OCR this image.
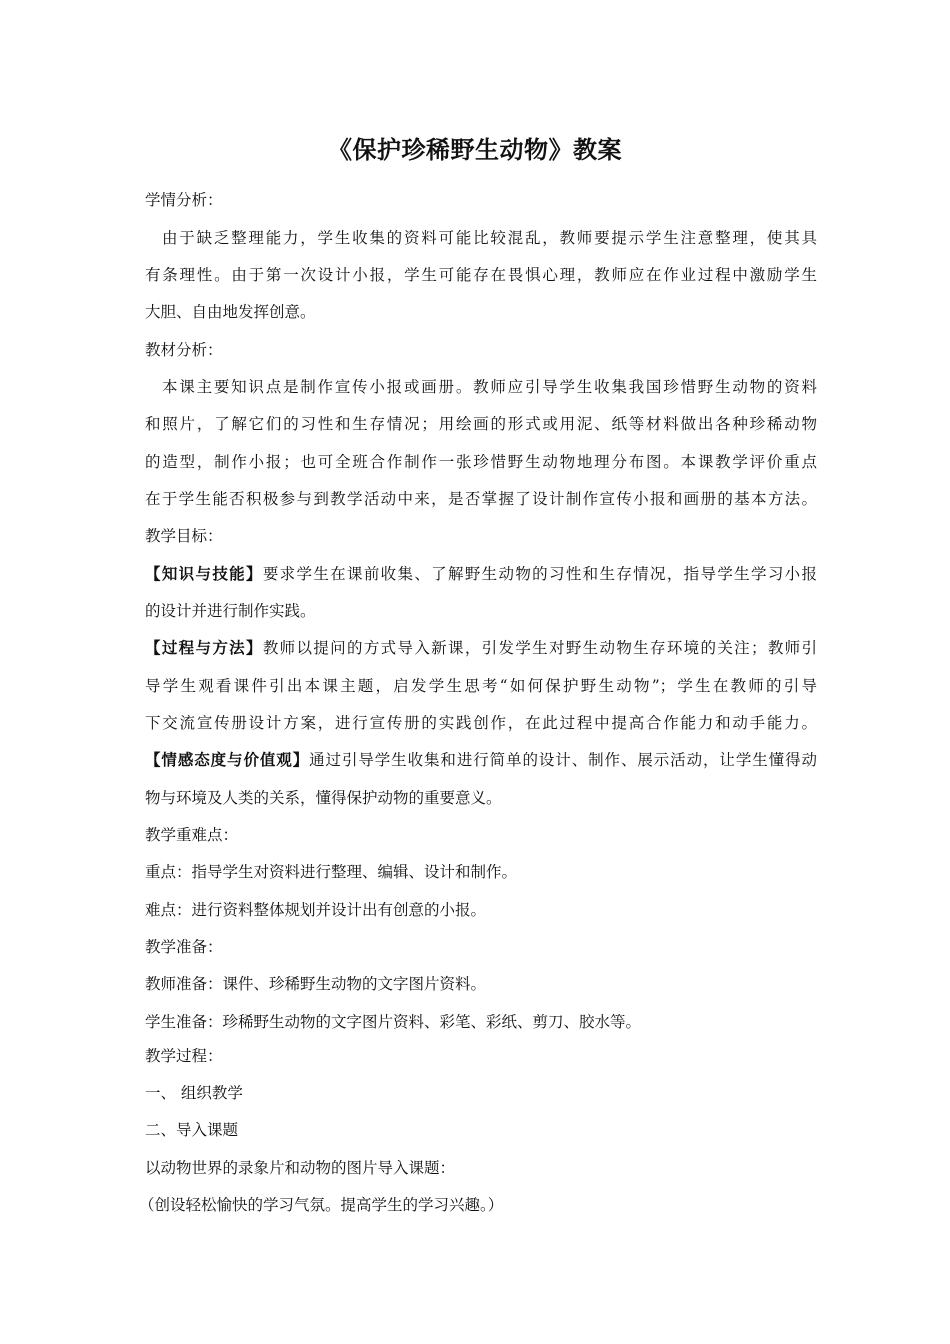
《保护珍稀野生动物》教案

学情分析：

由于缺乏整理能力，学生收集的资料可能比较混乱，教师要提示学生注意整理，使其具

有条理性。由于第一次设计小报，学生可能存在畏惧心理，教师应在作业过程中激励学生

大胆、自由地发挥创意。

教材分析：

本课主要知识点是制作宣传小报或画册。教师应引导学生收集我国珍惜野生动物的资料

和照片，了解它们的习性和生存情况；用绘画的形式或用泥、纸等材料做出各种珍稀动物

的造型，制作小报；也可全班合作制作一张珍惜野生动物地理分布图。本课教学评价重点

在于学生能否积极参与到教学活动中来，是否掌握了设计制作宣传小报和画册的基本方法。

教学目标：

【知识与技能】要求学生在课前收集、了解野生动物的习性和生存情况，指导学生学习小报

的设计并进行制作实践。

【过程与方法】教师以提问的方式导入新课，引发学生对野生动物生存环境的关注；教师引

导学生观看课件引出本课主题，启发学生思考“如何保护野生动物”；学生在教师的引导

下交流宣传册设计方案，进行宣传册的实践创作，在此过程中提高合作能力和动手能力。

【情感态度与价值观】通过引导学生收集和进行简单的设计、制作、展示活动，让学生懂得动

物与环境及人类的关系，懂得保护动物的重要意义。

教学重难点：

重点：指导学生对资料进行整理、编辑、设计和制作。

难点：进行资料整体规划并设计出有创意的小报。

教学准备：

教师准备：课件、珍稀野生动物的文字图片资料。

学生准备：珍稀野生动物的文字图片资料、彩笔、彩纸、剪刀、胶水等。

教学过程：

一、 组织教学

二、导入课题

以动物世界的录象片和动物的图片导入课题：

（创设轻松愉快的学习气氛。提高学生的学习兴趣。）
